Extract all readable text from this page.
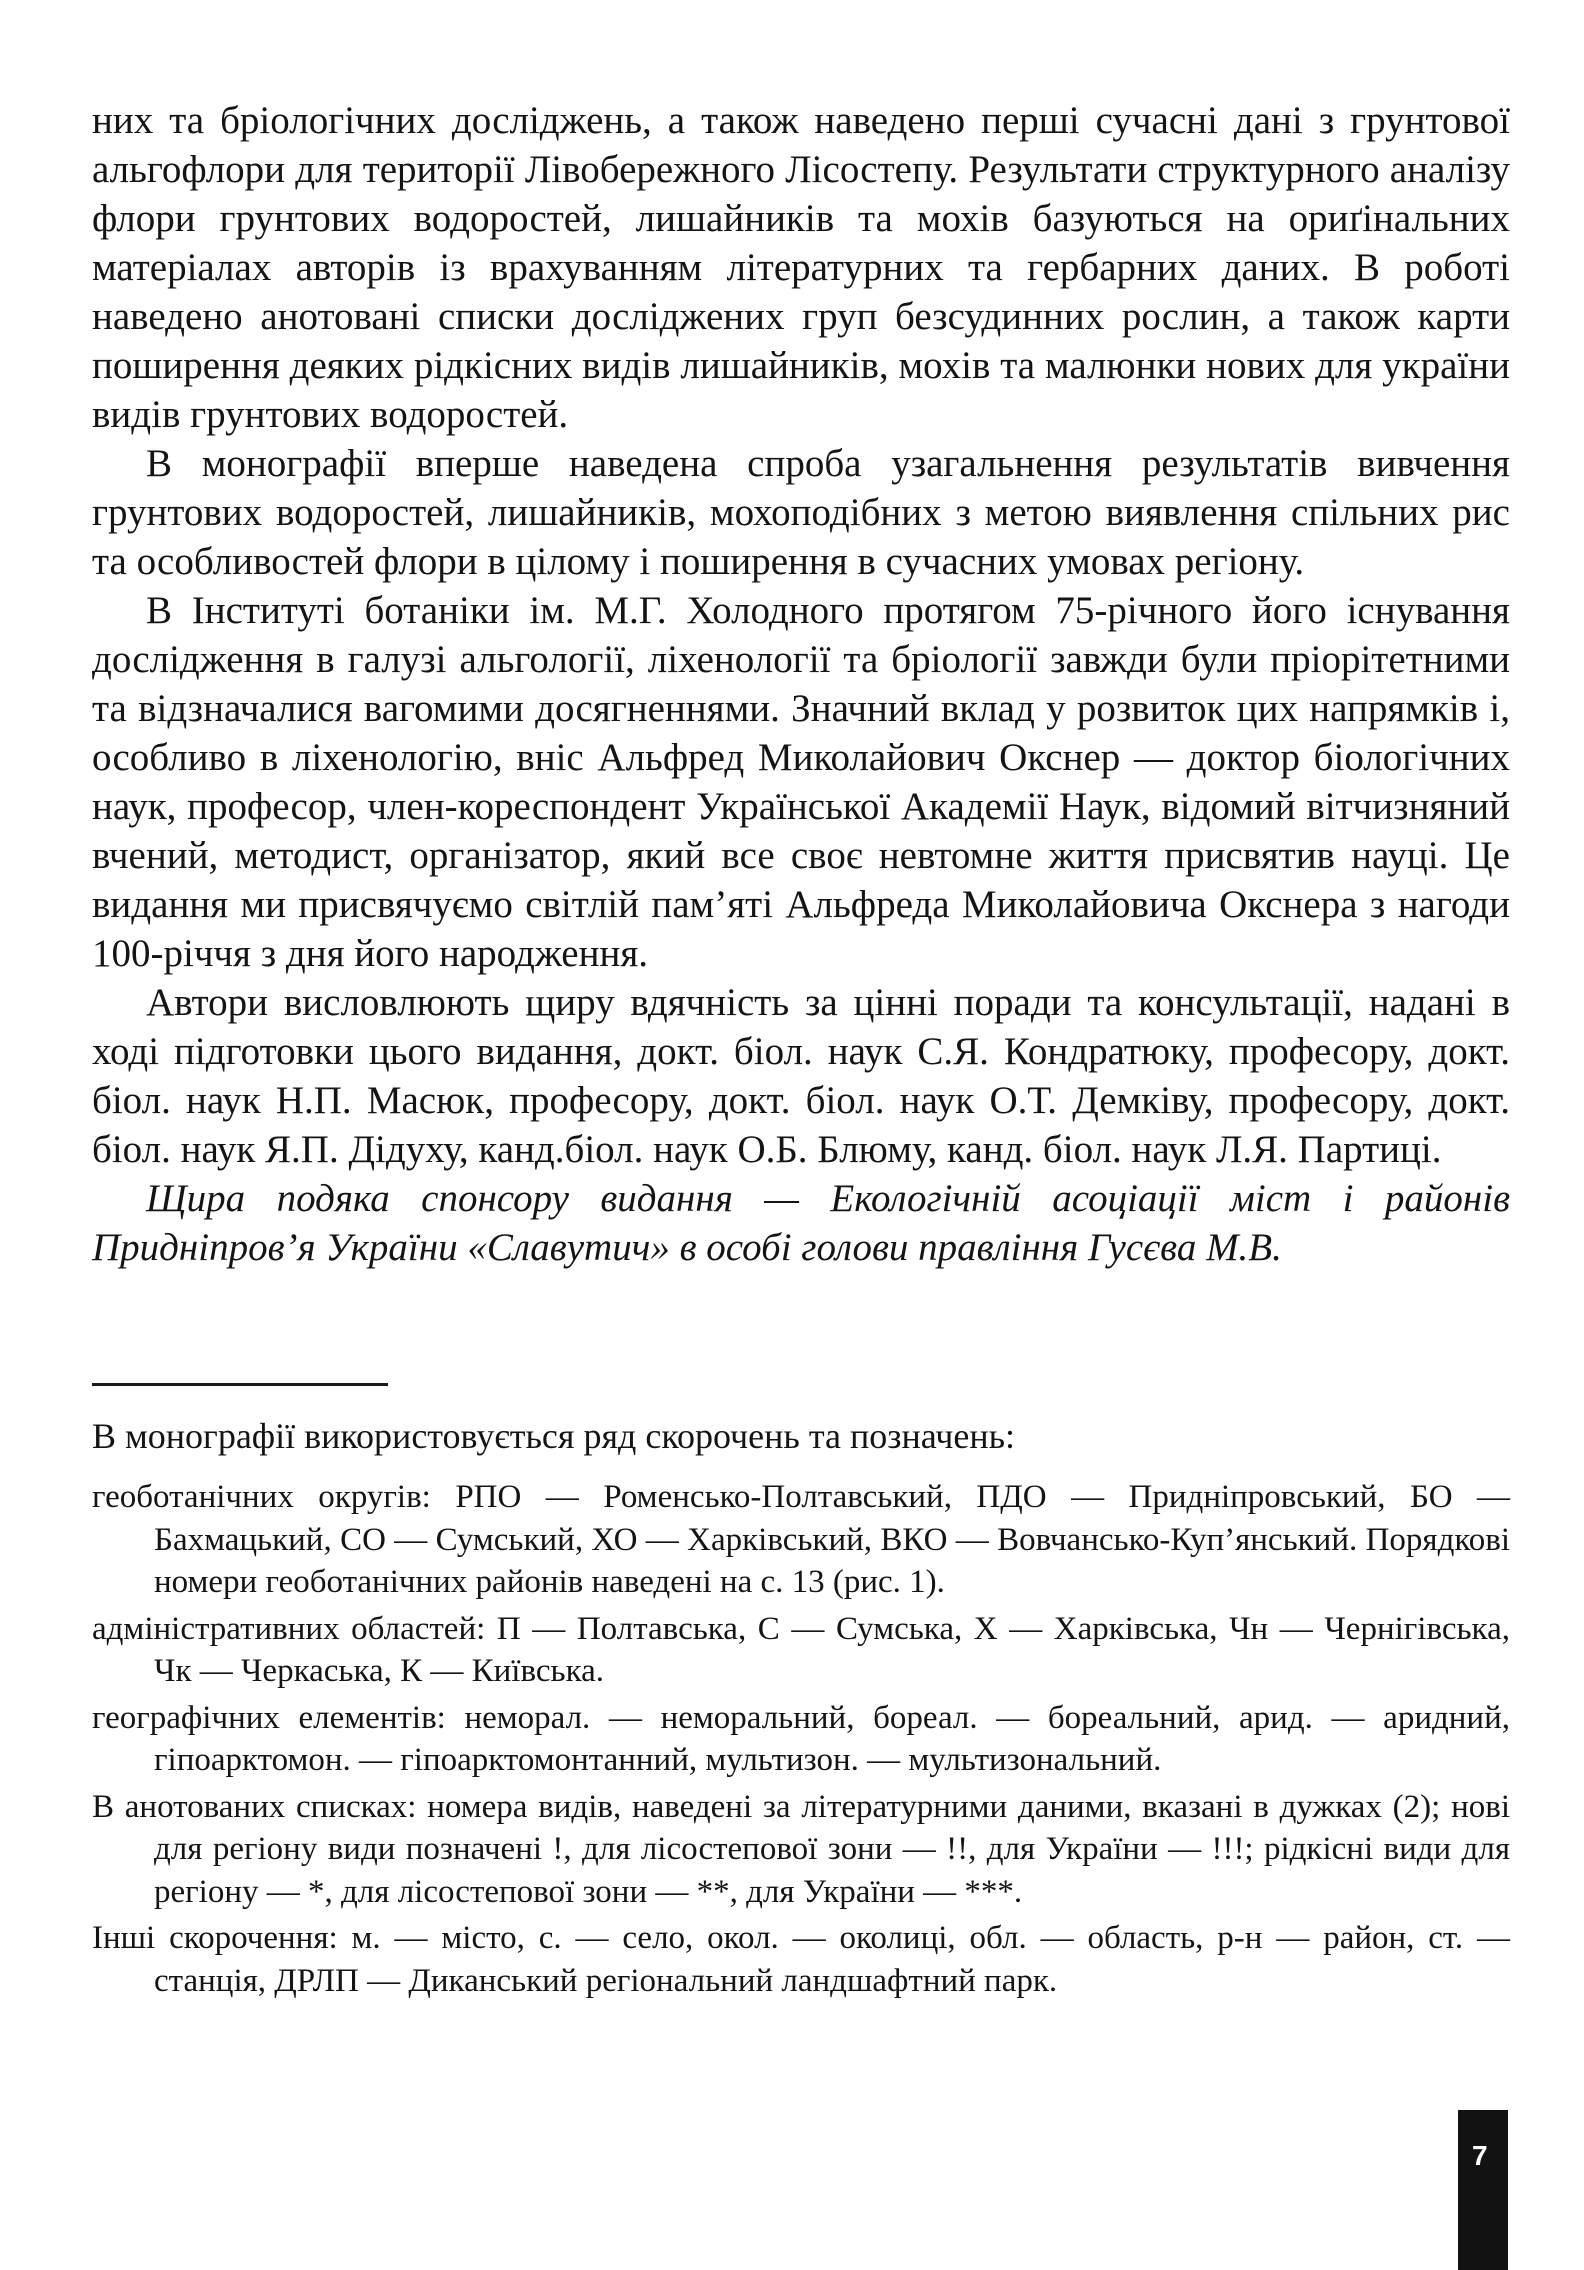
них та бріологічних досліджень, а також наведено перші сучасні дані з грунтової альгофлори для території Лівобережного Лісостепу. Результати структурного аналізу флори грунтових водоростей, лишайників та мохів базуються на ориґінальних матеріалах авторів із врахуванням літературних та гербарних даних. В роботі наведено анотовані списки досліджених груп безсудинних рослин, а також карти поширення деяких рідкісних видів лишайників, мохів та малюнки нових для україни видів грунтових водоростей.

В монографії вперше наведена спроба узагальнення результатів вивчення грунтових водоростей, лишайників, мохоподібних з метою виявлення спільних рис та особливостей флори в цілому і поширення в сучасних умовах регіону.

В Інституті ботаніки ім. М.Г. Холодного протягом 75-річного його існування дослідження в галузі альгології, ліхенології та бріології завжди були пріорітетними та відзначалися вагомими досягненнями. Значний вклад у розвиток цих напрямків і, особливо в ліхенологію, вніс Альфред Миколайович Окснер — доктор біологічних наук, професор, член-кореспондент Української Академії Наук, відомий вітчизняний вчений, методист, організатор, який все своє невтомне життя присвятив науці. Це видання ми присвячуємо світлій пам’яті Альфреда Миколайовича Окснера з нагоди 100-річчя з дня його народження.

Автори висловлюють щиру вдячність за цінні поради та консультації, надані в ході підготовки цього видання, докт. біол. наук С.Я. Кондратюку, професору, докт. біол. наук Н.П. Масюк, професору, докт. біол. наук О.Т. Демківу, професору, докт. біол. наук Я.П. Дідуху, канд.біол. наук О.Б. Блюму, канд. біол. наук Л.Я. Партиці.

Щира подяка спонсору видання — Екологічній асоціації міст і районів Придніпров’я України «Славутич» в особі голови правління Гусєва М.В.

В монографії використовується ряд скорочень та позначень:

геоботанічних округів: РПО — Роменсько-Полтавський, ПДО — Придніпровський, БО — Бахмацький, СО — Сумський, ХО — Харківський, ВКО — Вовчансько-Куп’янський. Порядкові номери геоботанічних районів наведені на с. 13 (рис. 1).

адміністративних областей: П — Полтавська, С — Сумська, Х — Харківська, Чн — Чернігівська, Чк — Черкаська, К — Київська.

географічних елементів: неморал. — неморальний, бореал. — бореальний, арид. — аридний, гіпоарктомон. — гіпоарктомонтанний, мультизон. — мультизональний.

В анотованих списках: номера видів, наведені за літературними даними, вказані в дужках (2); нові для регіону види позначені !, для лісостепової зони — !!, для України — !!!; рідкісні види для регіону — *, для лісостепової зони — **, для України — ***.

Інші скорочення: м. — місто, с. — село, окол. — околиці, обл. — область, р-н — район, ст. — станція, ДРЛП — Диканський регіональний ландшафтний парк.

7
